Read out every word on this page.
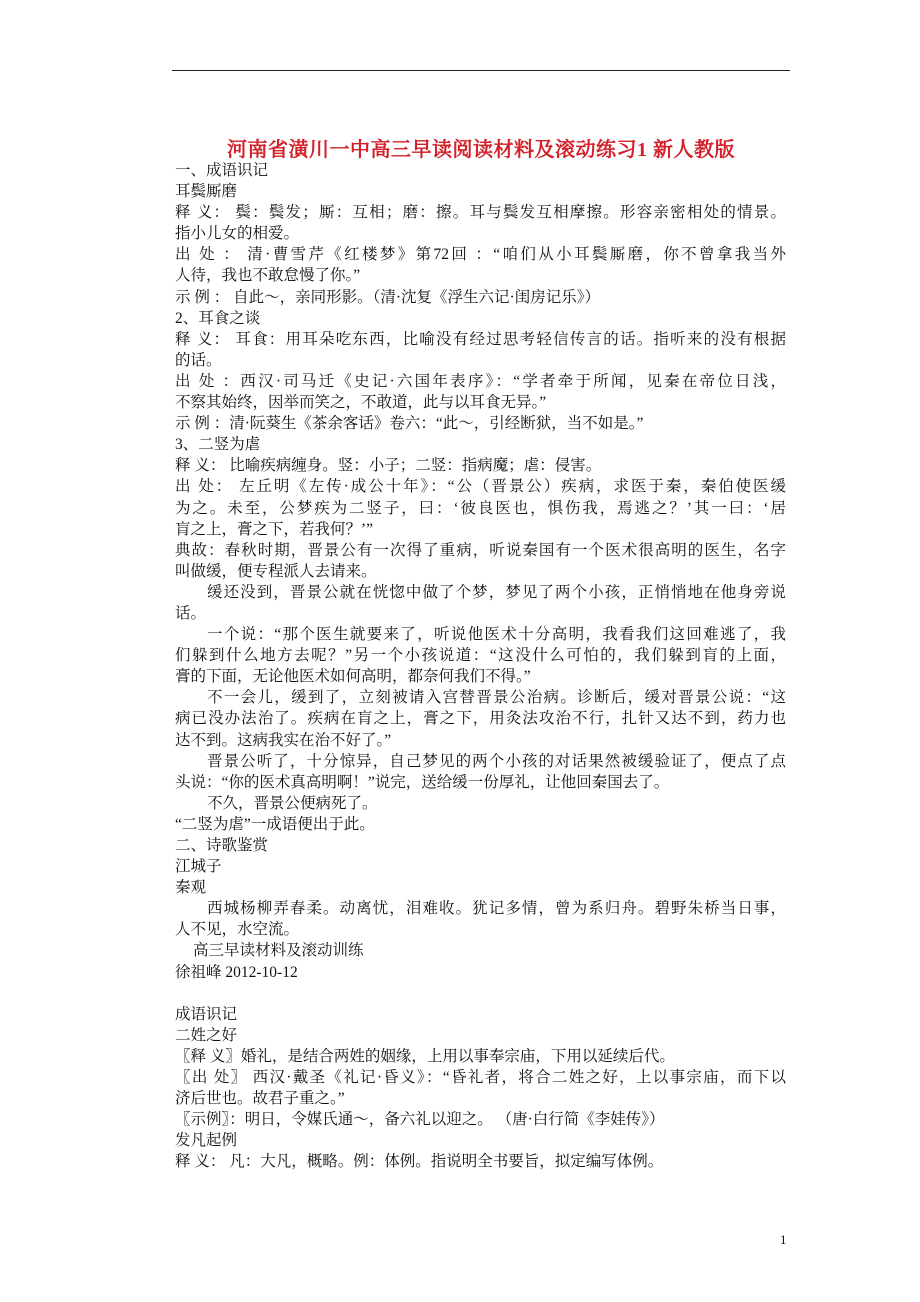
河南省潢川一中高三早读阅读材料及滚动练习1 新人教版
一、成语识记
耳鬓厮磨
释 义： 鬓：鬓发；厮：互相；磨：擦。耳与鬓发互相摩擦。形容亲密相处的情景。
指小儿女的相爱。
出 处 ： 清·曹雪芹《红楼梦》第72回 ：“咱们从小耳鬓厮磨，你不曾拿我当外
人待，我也不敢怠慢了你。”
示 例 ： 自此～，亲同形影。（清·沈复《浮生六记·闺房记乐》）
2、耳食之谈
释 义： 耳食：用耳朵吃东西，比喻没有经过思考轻信传言的话。指听来的没有根据
的话。
出 处 ：西汉·司马迁《史记·六国年表序》：“学者牵于所闻，见秦在帝位日浅，
不察其始终，因举而笑之，不敢道，此与以耳食无异。”
示 例 ：清·阮葵生《茶余客话》卷六：“此～，引经断狱，当不如是。”
3、二竖为虐
释 义： 比喻疾病缠身。竖：小子；二竖：指病魔；虐：侵害。
出 处： 左丘明《左传·成公十年》：“公（晋景公）疾病，求医于秦，秦伯使医缓
为之。未至，公梦疾为二竖子，曰：‘彼良医也，惧伤我，焉逃之？’其一曰：‘居
肓之上，膏之下，若我何？’”
典故：春秋时期，晋景公有一次得了重病，听说秦国有一个医术很高明的医生，名字
叫做缓，便专程派人去请来。
缓还没到，晋景公就在恍惚中做了个梦，梦见了两个小孩，正悄悄地在他身旁说
话。
一个说：“那个医生就要来了，听说他医术十分高明，我看我们这回难逃了，我
们躲到什么地方去呢？”另一个小孩说道：“这没什么可怕的，我们躲到肓的上面，
膏的下面，无论他医术如何高明，都奈何我们不得。”
不一会儿，缓到了，立刻被请入宫替晋景公治病。诊断后，缓对晋景公说：“这
病已没办法治了。疾病在肓之上，膏之下，用灸法攻治不行，扎针又达不到，药力也
达不到。这病我实在治不好了。”
晋景公听了，十分惊异，自己梦见的两个小孩的对话果然被缓验证了，便点了点
头说：“你的医术真高明啊！”说完，送给缓一份厚礼，让他回秦国去了。
不久，晋景公便病死了。
“二竖为虐”一成语便出于此。
二、诗歌鉴赏
江城子
秦观
西城杨柳弄春柔。动离忧，泪难收。犹记多情，曾为系归舟。碧野朱桥当日事，
人不见，水空流。
高三早读材料及滚动训练
徐祖峰 2012-10-12
成语识记
二姓之好
〖释 义〗婚礼，是结合两姓的姻缘，上用以事奉宗庙，下用以延续后代。
〖出 处〗 西汉·戴圣《礼记·昏义》：“昏礼者，将合二姓之好，上以事宗庙，而下以
济后世也。故君子重之。”
〖示例〗：明日，令媒氏通～，备六礼以迎之。 （唐·白行简《李娃传》）
发凡起例
释 义： 凡：大凡，概略。例：体例。指说明全书要旨，拟定编写体例。
1
